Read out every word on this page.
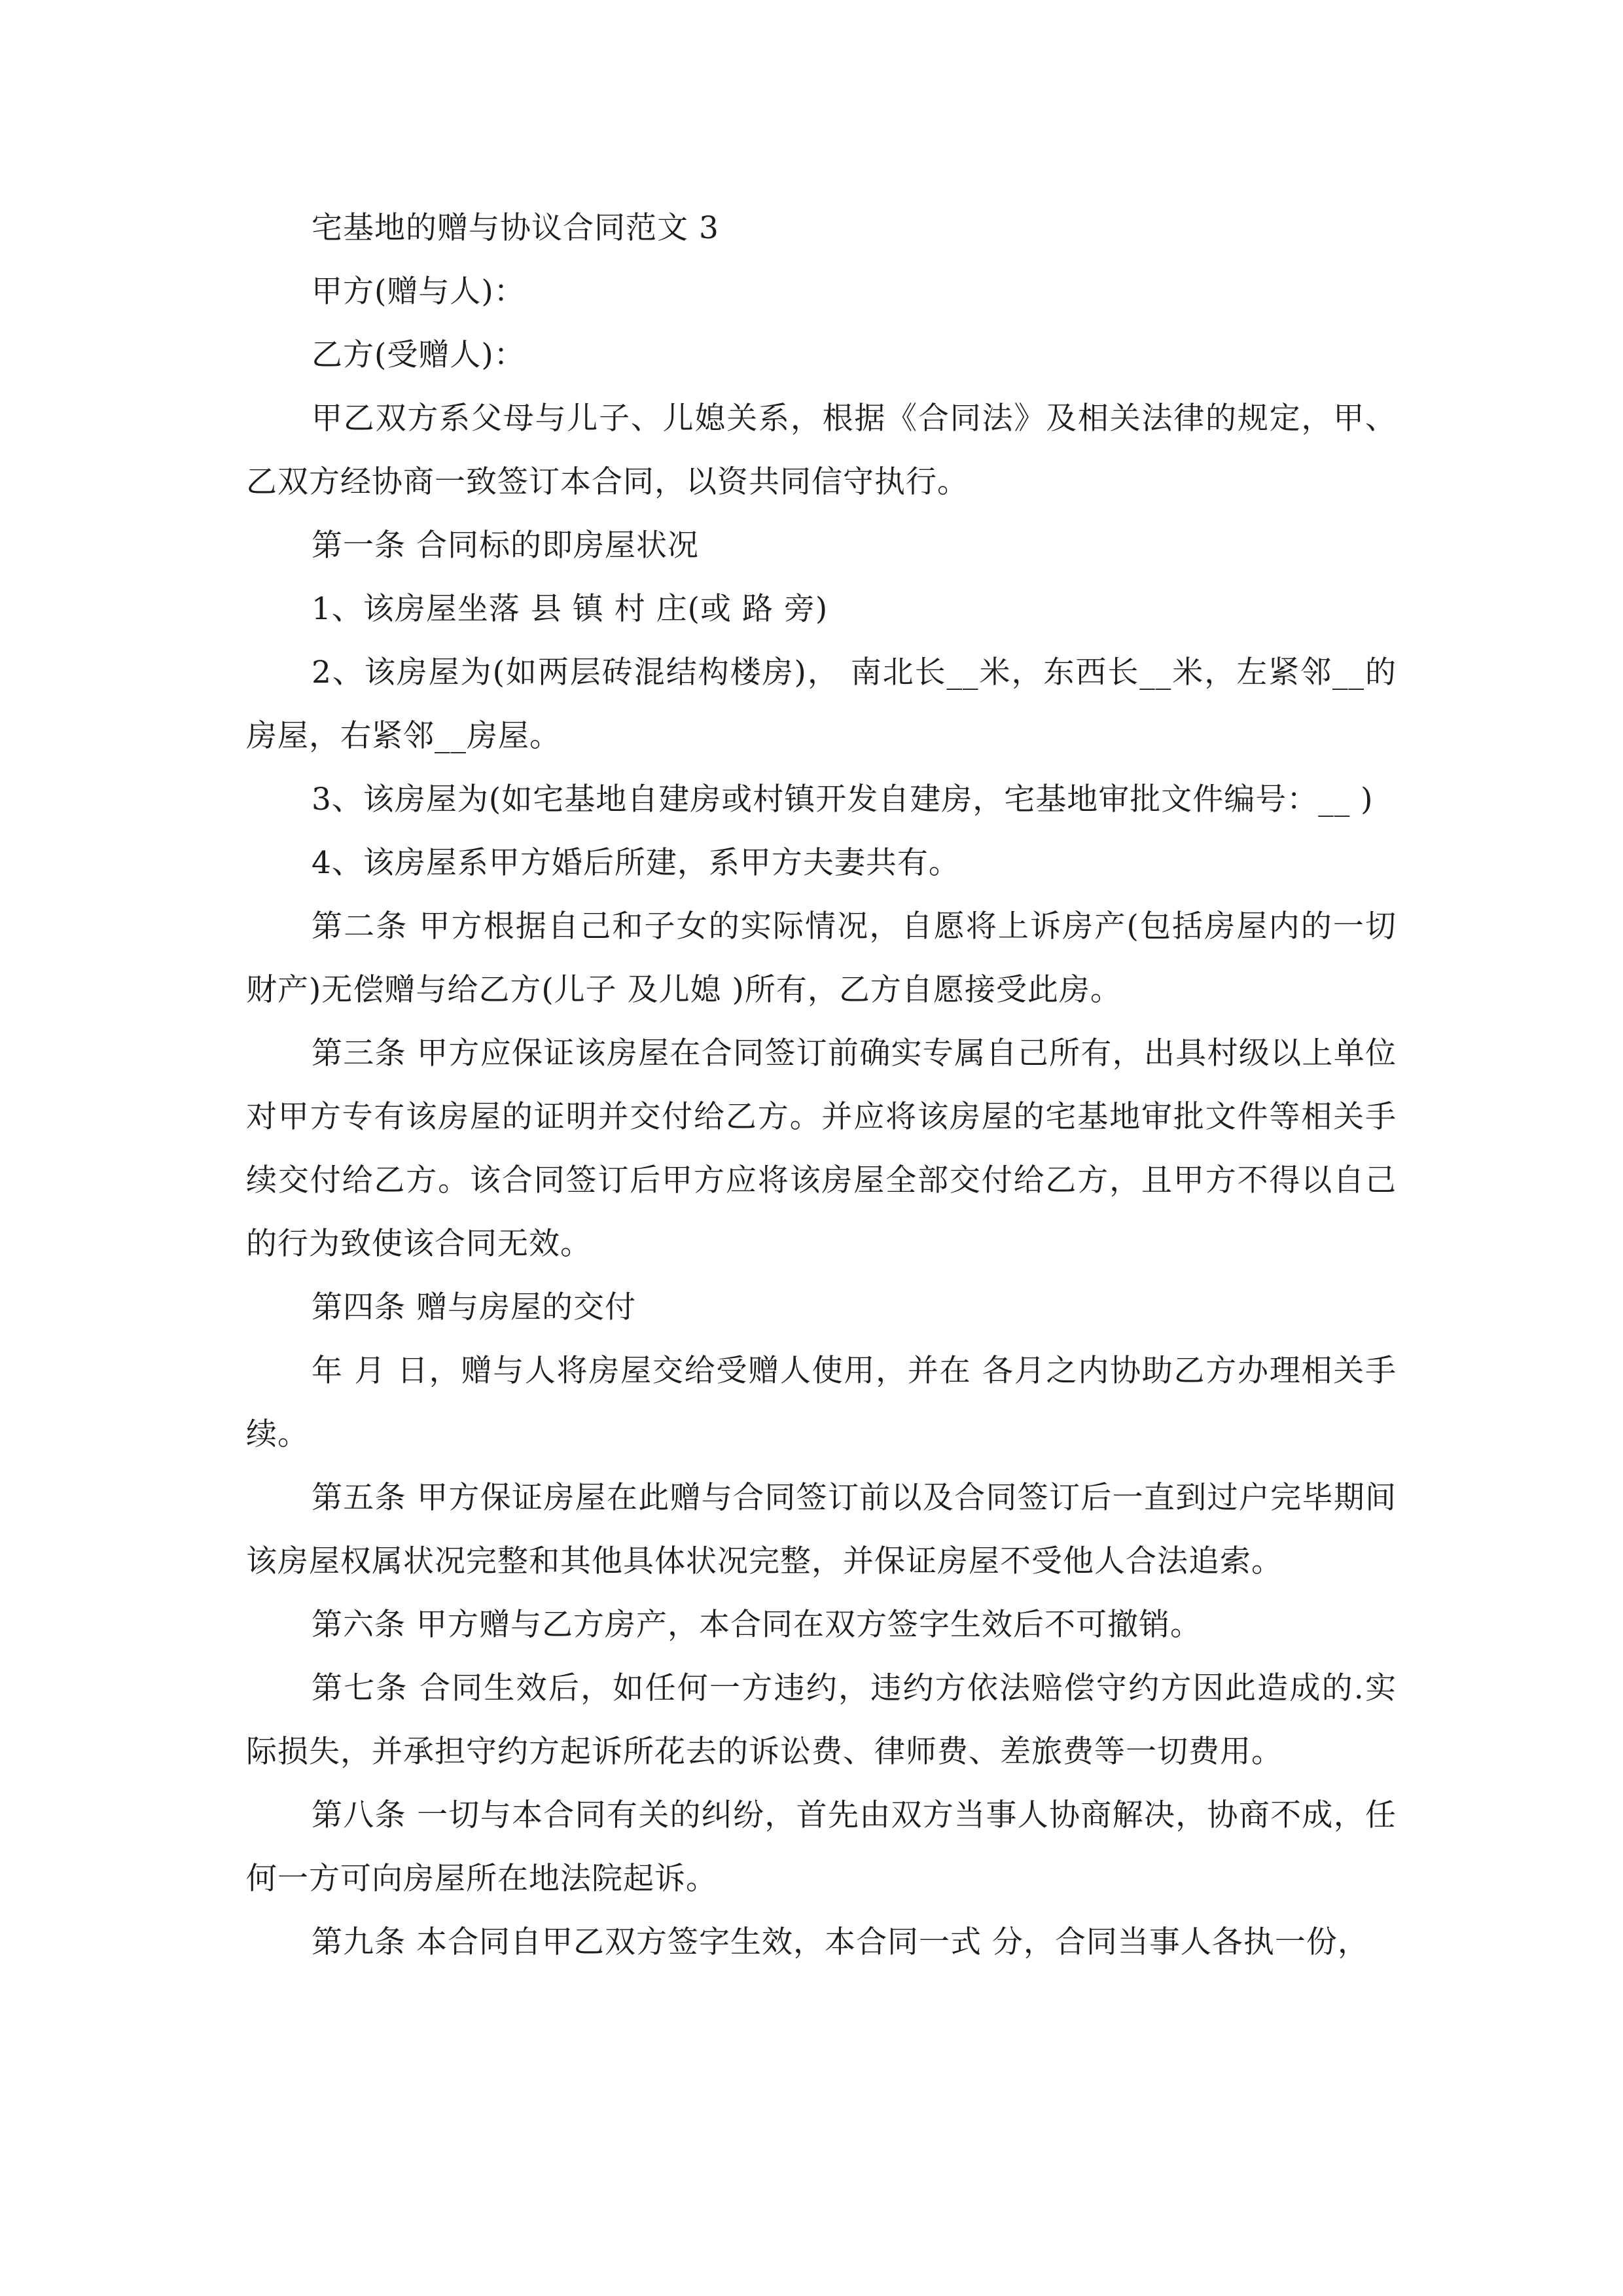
宅基地的赠与协议合同范文 3

甲方(赠与人)：

乙方(受赠人)：

甲乙双方系父母与儿子、儿媳关系，根据《合同法》及相关法律的规定，甲、乙双方经协商一致签订本合同，以资共同信守执行。

第一条 合同标的即房屋状况

1、该房屋坐落 县 镇 村 庄(或 路 旁)

2、该房屋为(如两层砖混结构楼房)， 南北长__米，东西长__米，左紧邻__的房屋，右紧邻__房屋。

3、该房屋为(如宅基地自建房或村镇开发自建房，宅基地审批文件编号：__ )

4、该房屋系甲方婚后所建，系甲方夫妻共有。

第二条 甲方根据自己和子女的实际情况，自愿将上诉房产(包括房屋内的一切财产)无偿赠与给乙方(儿子 及儿媳 )所有，乙方自愿接受此房。

第三条 甲方应保证该房屋在合同签订前确实专属自己所有，出具村级以上单位对甲方专有该房屋的证明并交付给乙方。并应将该房屋的宅基地审批文件等相关手续交付给乙方。该合同签订后甲方应将该房屋全部交付给乙方，且甲方不得以自己的行为致使该合同无效。

第四条 赠与房屋的交付

年 月 日，赠与人将房屋交给受赠人使用，并在 各月之内协助乙方办理相关手续。

第五条 甲方保证房屋在此赠与合同签订前以及合同签订后一直到过户完毕期间该房屋权属状况完整和其他具体状况完整，并保证房屋不受他人合法追索。

第六条 甲方赠与乙方房产，本合同在双方签字生效后不可撤销。

第七条 合同生效后，如任何一方违约，违约方依法赔偿守约方因此造成的.实际损失，并承担守约方起诉所花去的诉讼费、律师费、差旅费等一切费用。

第八条 一切与本合同有关的纠纷，首先由双方当事人协商解决，协商不成，任何一方可向房屋所在地法院起诉。

第九条 本合同自甲乙双方签字生效，本合同一式 分，合同当事人各执一份，
